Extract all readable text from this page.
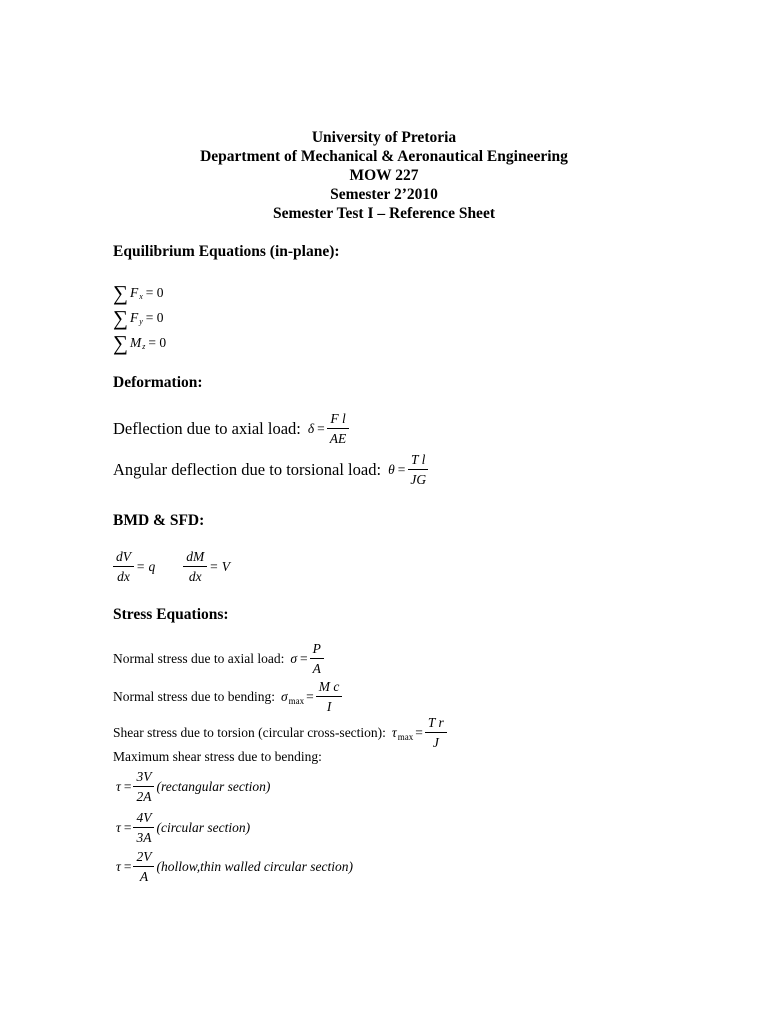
University of Pretoria
Department of Mechanical & Aeronautical Engineering
MOW 227
Semester 2’2010
Semester Test I – Reference Sheet
Equilibrium Equations (in-plane):
∑ F x = 0
∑ F y = 0
∑ M z = 0
Deformation:
Deflection due to axial load: $\delta = \frac{\text{F l}}{AE}$
Angular deflection due to torsional load: $\theta = \frac{\text{T l}}{JG}$
BMD & SFD:
$\frac{dV}{dx} = q \frac{dM}{dx} = V$
Stress Equations:
Normal stress due to axial load: $\sigma = \frac{P}{A}$
Normal stress due to bending: σ $\max = \frac{\text{M c}}{I}$
Shear stress due to torsion (circular cross-section): τ $\max = \frac{\text{T r}}{J}$
Maximum shear stress due to bending:
$\tau = \frac{3V}{2A}$ (rectangular section)
$\tau = \frac{4V}{3A}$ (circular section)
$\tau = \frac{2V}{A}$ (hollow,thin walled circular section)
